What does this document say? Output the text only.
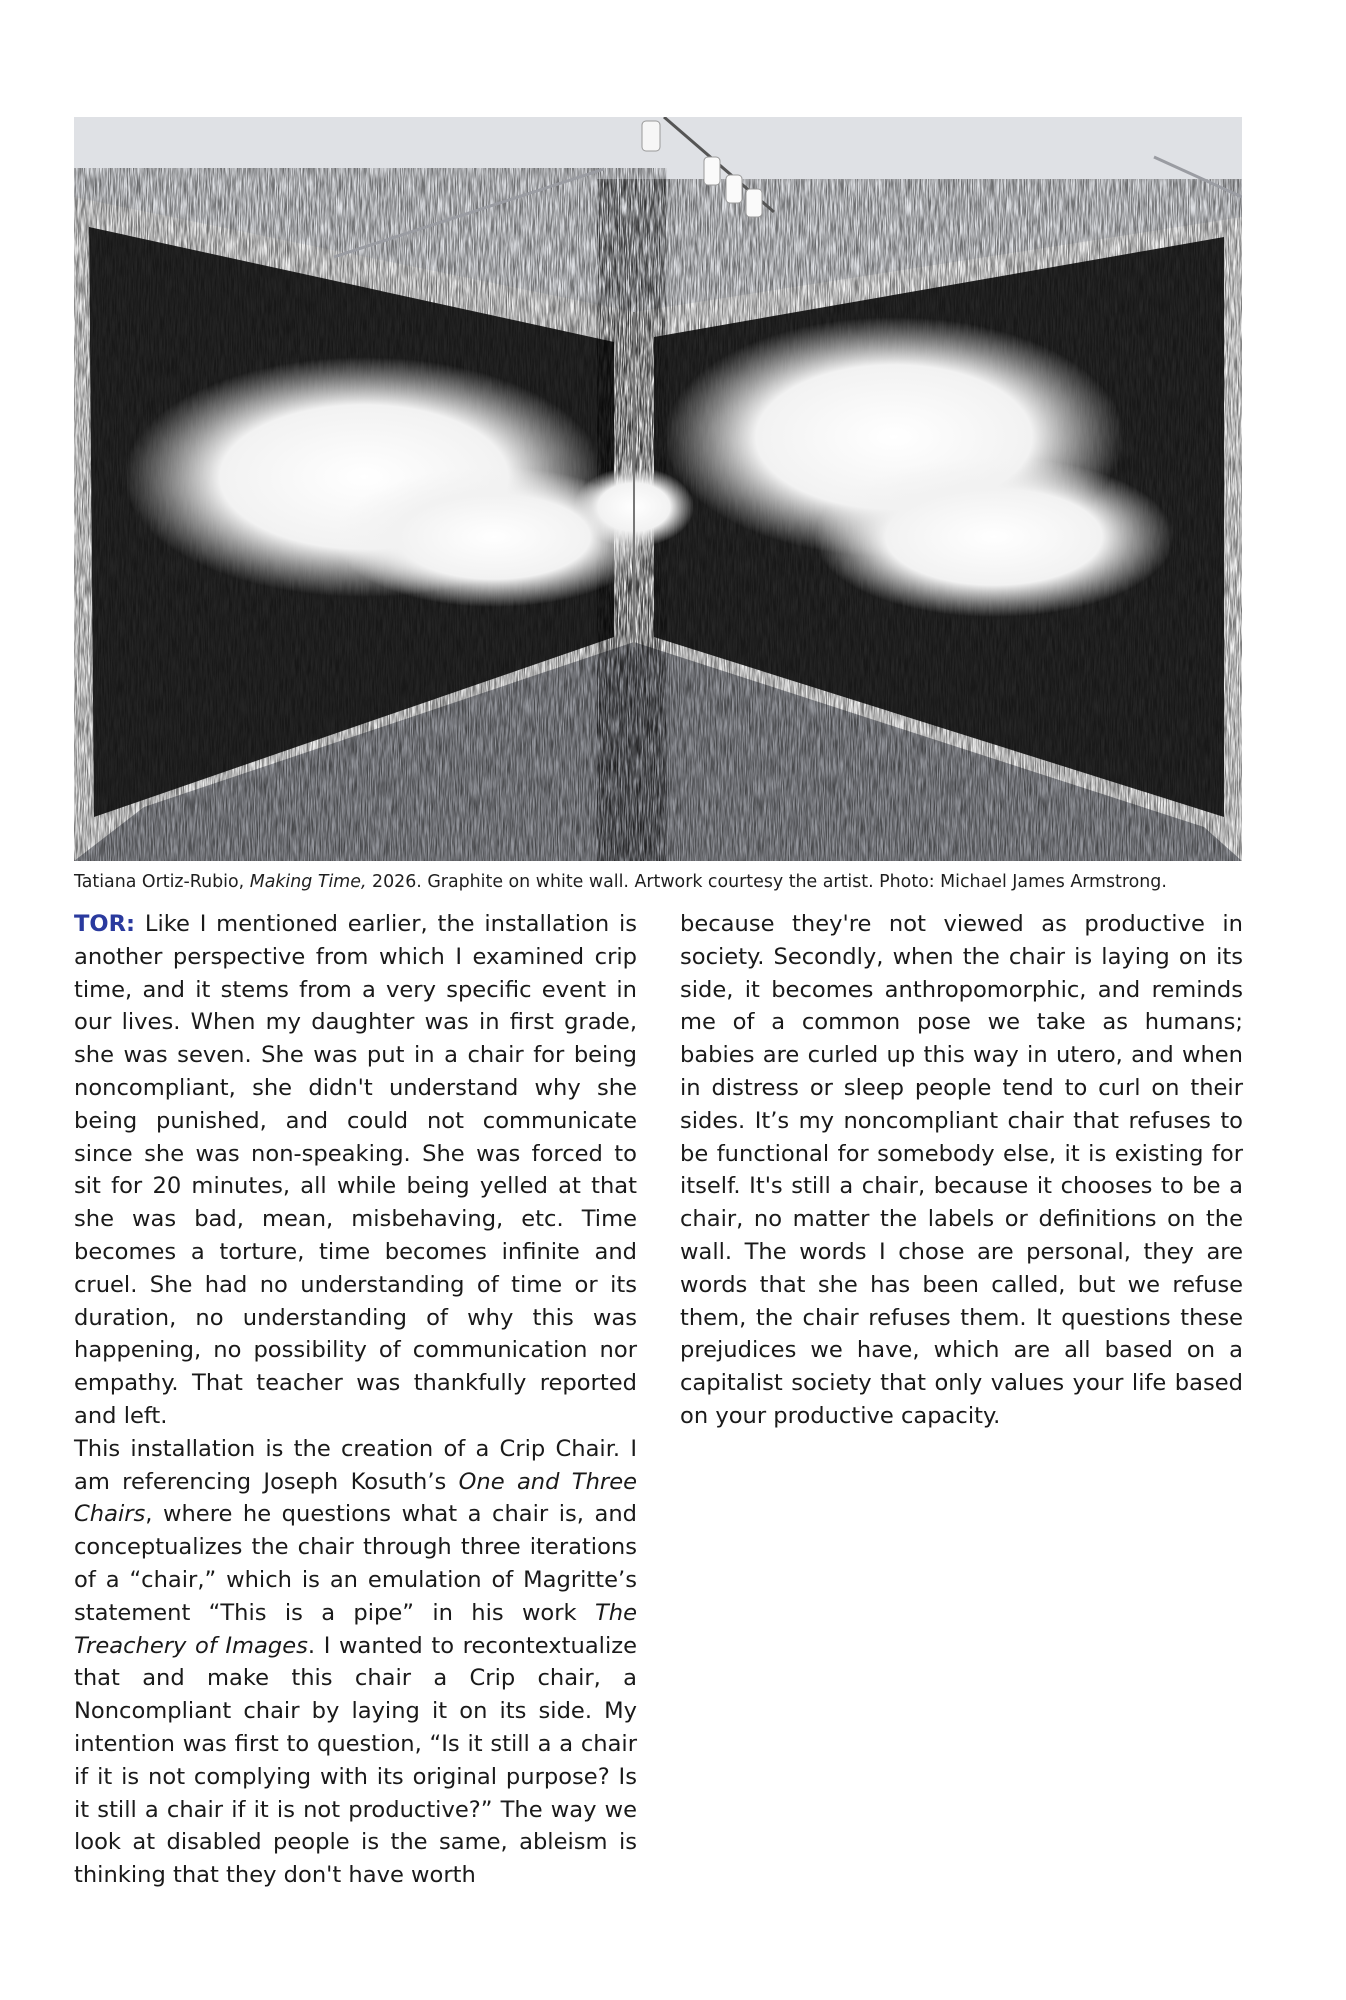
Tatiana Ortiz-Rubio, Making Time, 2026. Graphite on white wall. Artwork courtesy the artist. Photo: Michael James Armstrong.

TOR: Like I mentioned earlier, the installation is another perspective from which I examined crip time, and it stems from a very specific event in our lives. When my daughter was in first grade, she was seven. She was put in a chair for being noncompliant, she didn't understand why she being punished, and could not communicate since she was non-speaking. She was forced to sit for 20 minutes, all while being yelled at that she was bad, mean, misbehaving, etc. Time becomes a torture, time becomes infinite and cruel. She had no understanding of time or its duration, no understanding of why this was happening, no possibility of communication nor empathy. That teacher was thankfully reported and left.

This installation is the creation of a Crip Chair. I am referencing Joseph Kosuth’s One and Three Chairs, where he questions what a chair is, and conceptualizes the chair through three iterations of a “chair,” which is an emulation of Magritte’s statement “This is a pipe” in his work The Treachery of Images. I wanted to recontextualize that and make this chair a Crip chair, a Noncompliant chair by laying it on its side. My intention was first to question, “Is it still a a chair if it is not complying with its original purpose? Is it still a chair if it is not productive?” The way we look at disabled people is the same, ableism is thinking that they don't have worth

because they're not viewed as productive in society. Secondly, when the chair is laying on its side, it becomes anthropomorphic, and reminds me of a common pose we take as humans; babies are curled up this way in utero, and when in distress or sleep people tend to curl on their sides. It’s my noncompliant chair that refuses to be functional for somebody else, it is existing for itself. It's still a chair, because it chooses to be a chair, no matter the labels or definitions on the wall. The words I chose are personal, they are words that she has been called, but we refuse them, the chair refuses them. It questions these prejudices we have, which are all based on a capitalist society that only values your life based on your productive capacity.
